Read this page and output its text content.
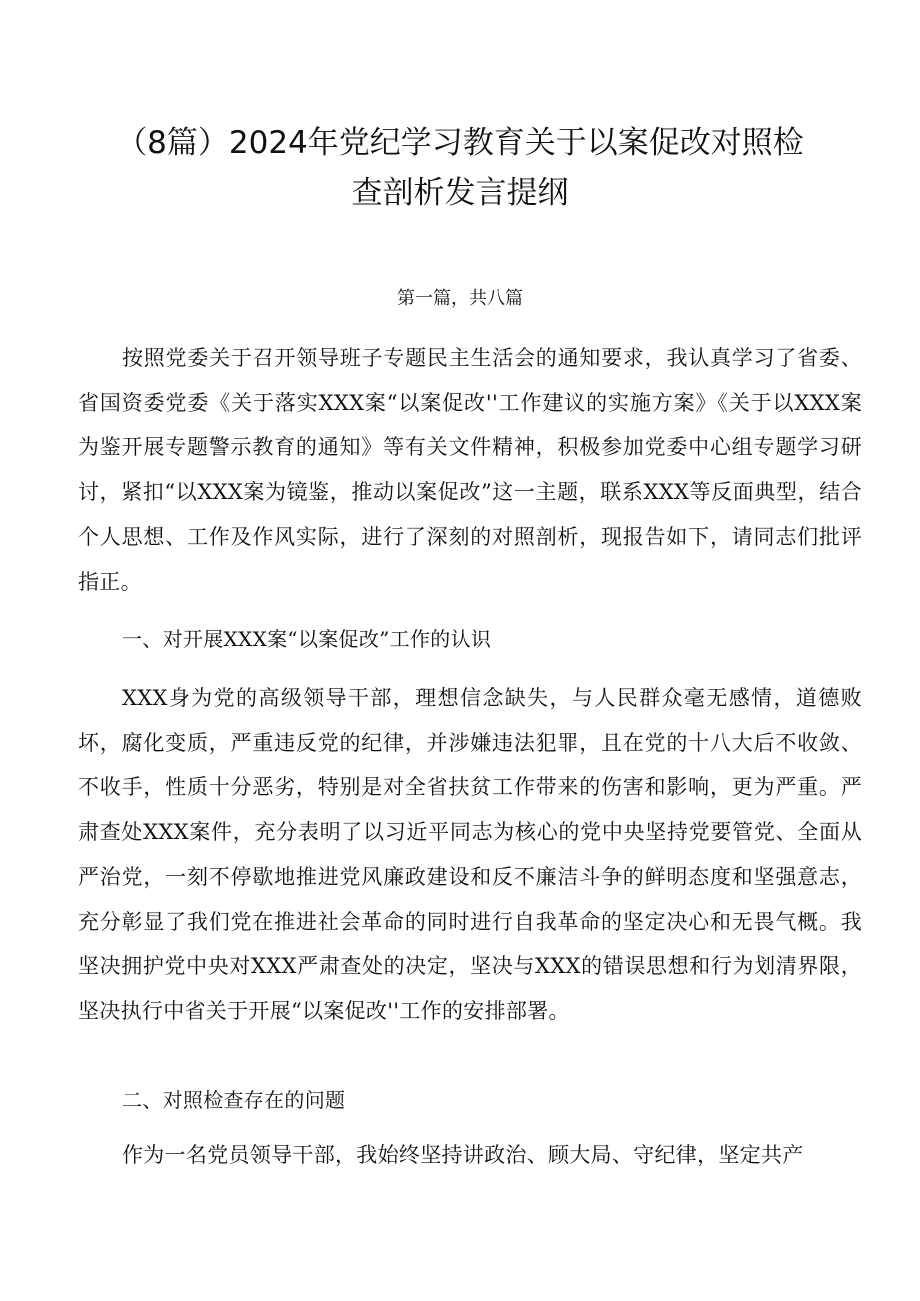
（8篇）2024年党纪学习教育关于以案促改对照检
查剖析发言提纲
第一篇，共八篇

按照党委关于召开领导班子专题民主生活会的通知要求，我认真学习了省委、省国资委党委《关于落实XXX案“以案促改''工作建议的实施方案》《关于以XXX案为鉴开展专题警示教育的通知》等有关文件精神，积极参加党委中心组专题学习研讨，紧扣“以XXX案为镜鉴，推动以案促改”这一主题，联系XXX等反面典型，结合个人思想、工作及作风实际，进行了深刻的对照剖析，现报告如下，请同志们批评指正。

一、对开展XXX案“以案促改”工作的认识

XXX身为党的高级领导干部，理想信念缺失，与人民群众毫无感情，道德败坏，腐化变质，严重违反党的纪律，并涉嫌违法犯罪，且在党的十八大后不收敛、不收手，性质十分恶劣，特别是对全省扶贫工作带来的伤害和影响，更为严重。严肃查处XXX案件，充分表明了以习近平同志为核心的党中央坚持党要管党、全面从严治党，一刻不停歇地推进党风廉政建设和反不廉洁斗争的鲜明态度和坚强意志，充分彰显了我们党在推进社会革命的同时进行自我革命的坚定决心和无畏气概。我坚决拥护党中央对XXX严肃查处的决定，坚决与XXX的错误思想和行为划清界限，坚决执行中省关于开展“以案促改''工作的安排部署。

二、对照检查存在的问题

作为一名党员领导干部，我始终坚持讲政治、顾大局、守纪律，坚定共产
